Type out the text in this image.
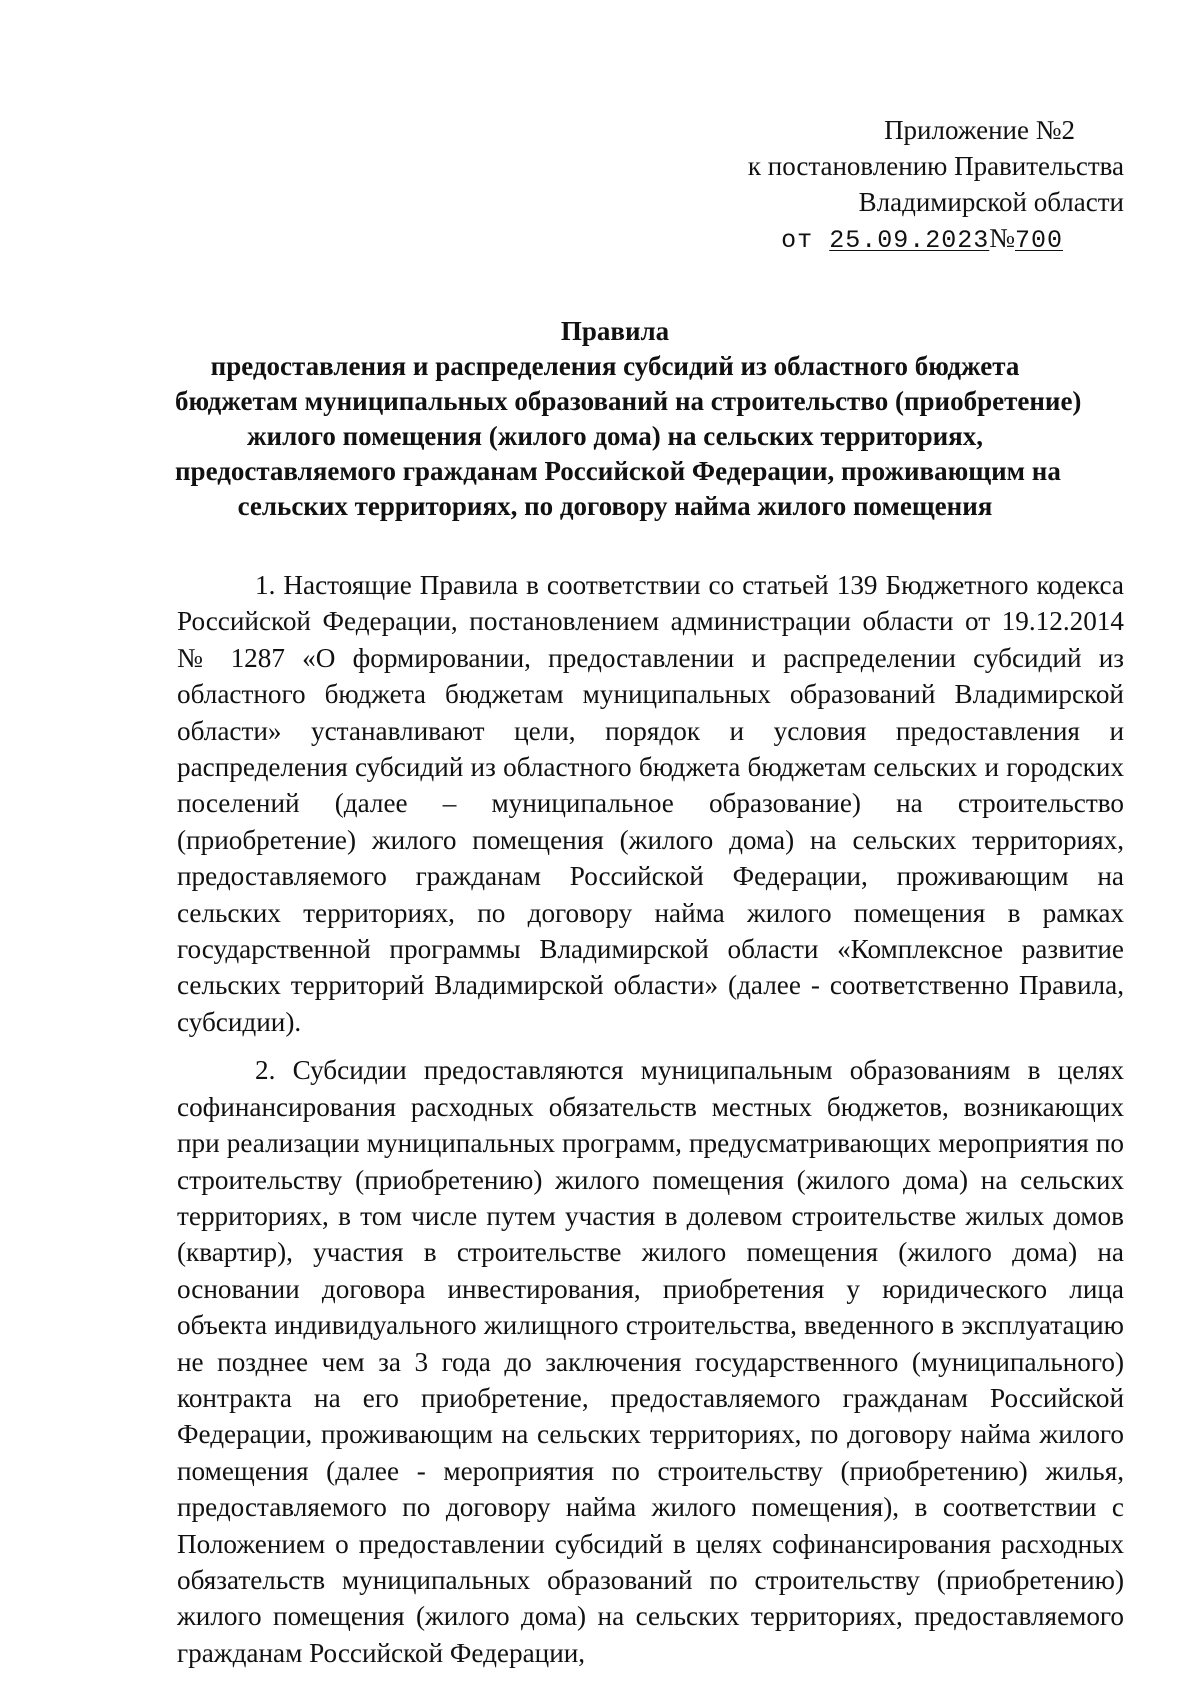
Приложение №2
к постановлению Правительства
Владимирской области
от 25.09.2023№700
Правила
предоставления и распределения субсидий из областного бюджета
бюджетам муниципальных образований на строительство (приобретение)
жилого помещения (жилого дома) на сельских территориях,
предоставляемого гражданам Российской Федерации, проживающим на
сельских территориях, по договору найма жилого помещения

1. Настоящие Правила в соответствии со статьей 139 Бюджетного кодекса Российской Федерации, постановлением администрации области от 19.12.2014 № 1287 «О формировании, предоставлении и распределении субсидий из областного бюджета бюджетам муниципальных образований Владимирской области» устанавливают цели, порядок и условия предоставления и распределения субсидий из областного бюджета бюджетам сельских и городских поселений (далее – муниципальное образование) на строительство (приобретение) жилого помещения (жилого дома) на сельских территориях, предоставляемого гражданам Российской Федерации, проживающим на сельских территориях, по договору найма жилого помещения в рамках государственной программы Владимирской области «Комплексное развитие сельских территорий Владимирской области» (далее - соответственно Правила, субсидии).

2. Субсидии предоставляются муниципальным образованиям в целях софинансирования расходных обязательств местных бюджетов, возникающих при реализации муниципальных программ, предусматривающих мероприятия по строительству (приобретению) жилого помещения (жилого дома) на сельских территориях, в том числе путем участия в долевом строительстве жилых домов (квартир), участия в строительстве жилого помещения (жилого дома) на основании договора инвестирования, приобретения у юридического лица объекта индивидуального жилищного строительства, введенного в эксплуатацию не позднее чем за 3 года до заключения государственного (муниципального) контракта на его приобретение, предоставляемого гражданам Российской Федерации, проживающим на сельских территориях, по договору найма жилого помещения (далее - мероприятия по строительству (приобретению) жилья, предоставляемого по договору найма жилого помещения), в соответствии с Положением о предоставлении субсидий в целях софинансирования расходных обязательств муниципальных образований по строительству (приобретению) жилого помещения (жилого дома) на сельских территориях, предоставляемого гражданам Российской Федерации,
